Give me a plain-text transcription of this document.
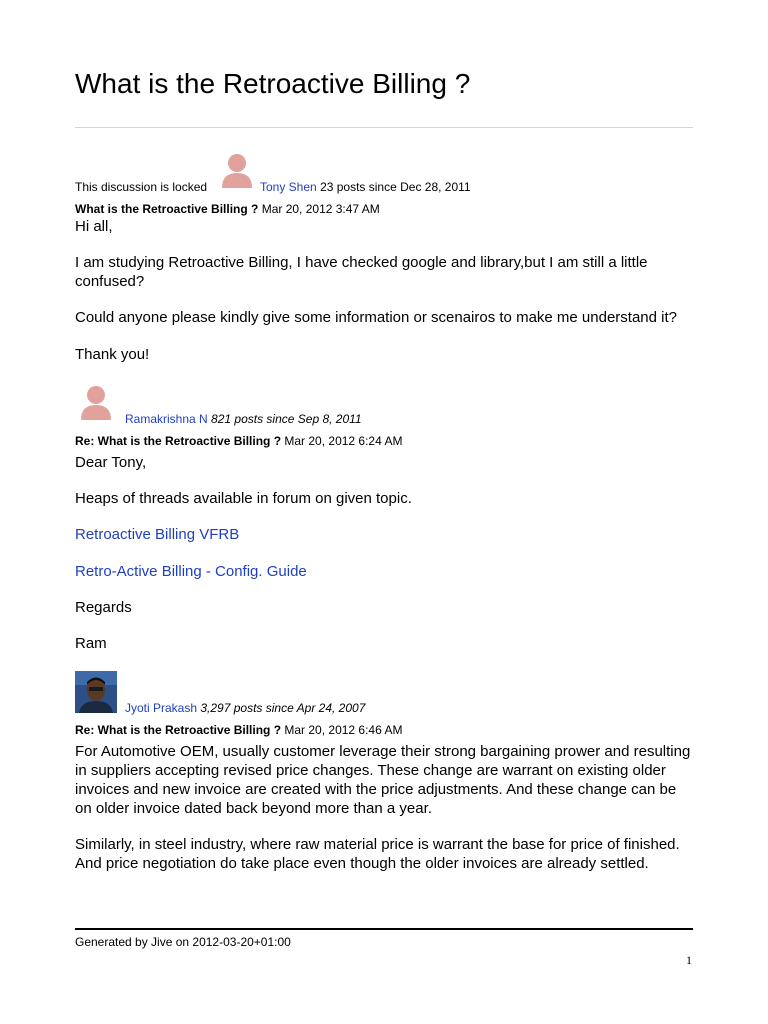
What is the Retroactive Billing ?
This discussion is locked	Tony Shen 23 posts since Dec 28, 2011
What is the Retroactive Billing ? Mar 20, 2012 3:47 AM

Hi all,

I am studying Retroactive Billing, I have checked google and library,but I am still a little confused?

Could anyone please kindly give some information or scenairos to make me understand it?

Thank you!

Ramakrishna N 821 posts since Sep 8, 2011
Re: What is the Retroactive Billing ? Mar 20, 2012 6:24 AM

Dear Tony,

Heaps of threads available in forum on given topic.

Retroactive Billing VFRB

Retro-Active Billing - Config. Guide

Regards

Ram

Jyoti Prakash 3,297 posts since Apr 24, 2007
Re: What is the Retroactive Billing ? Mar 20, 2012 6:46 AM

For Automotive OEM, usually customer leverage their strong bargaining prower and resulting in suppliers accepting revised price changes. These change are warrant on existing older invoices and new invoice are created with the price adjustments. And these change can be on older invoice dated back beyond more than a year.

Similarly, in steel industry, where raw material price is warrant the base for price of finished. And price negotiation do take place even though the older invoices are already settled.

Generated by Jive on 2012-03-20+01:00
1
